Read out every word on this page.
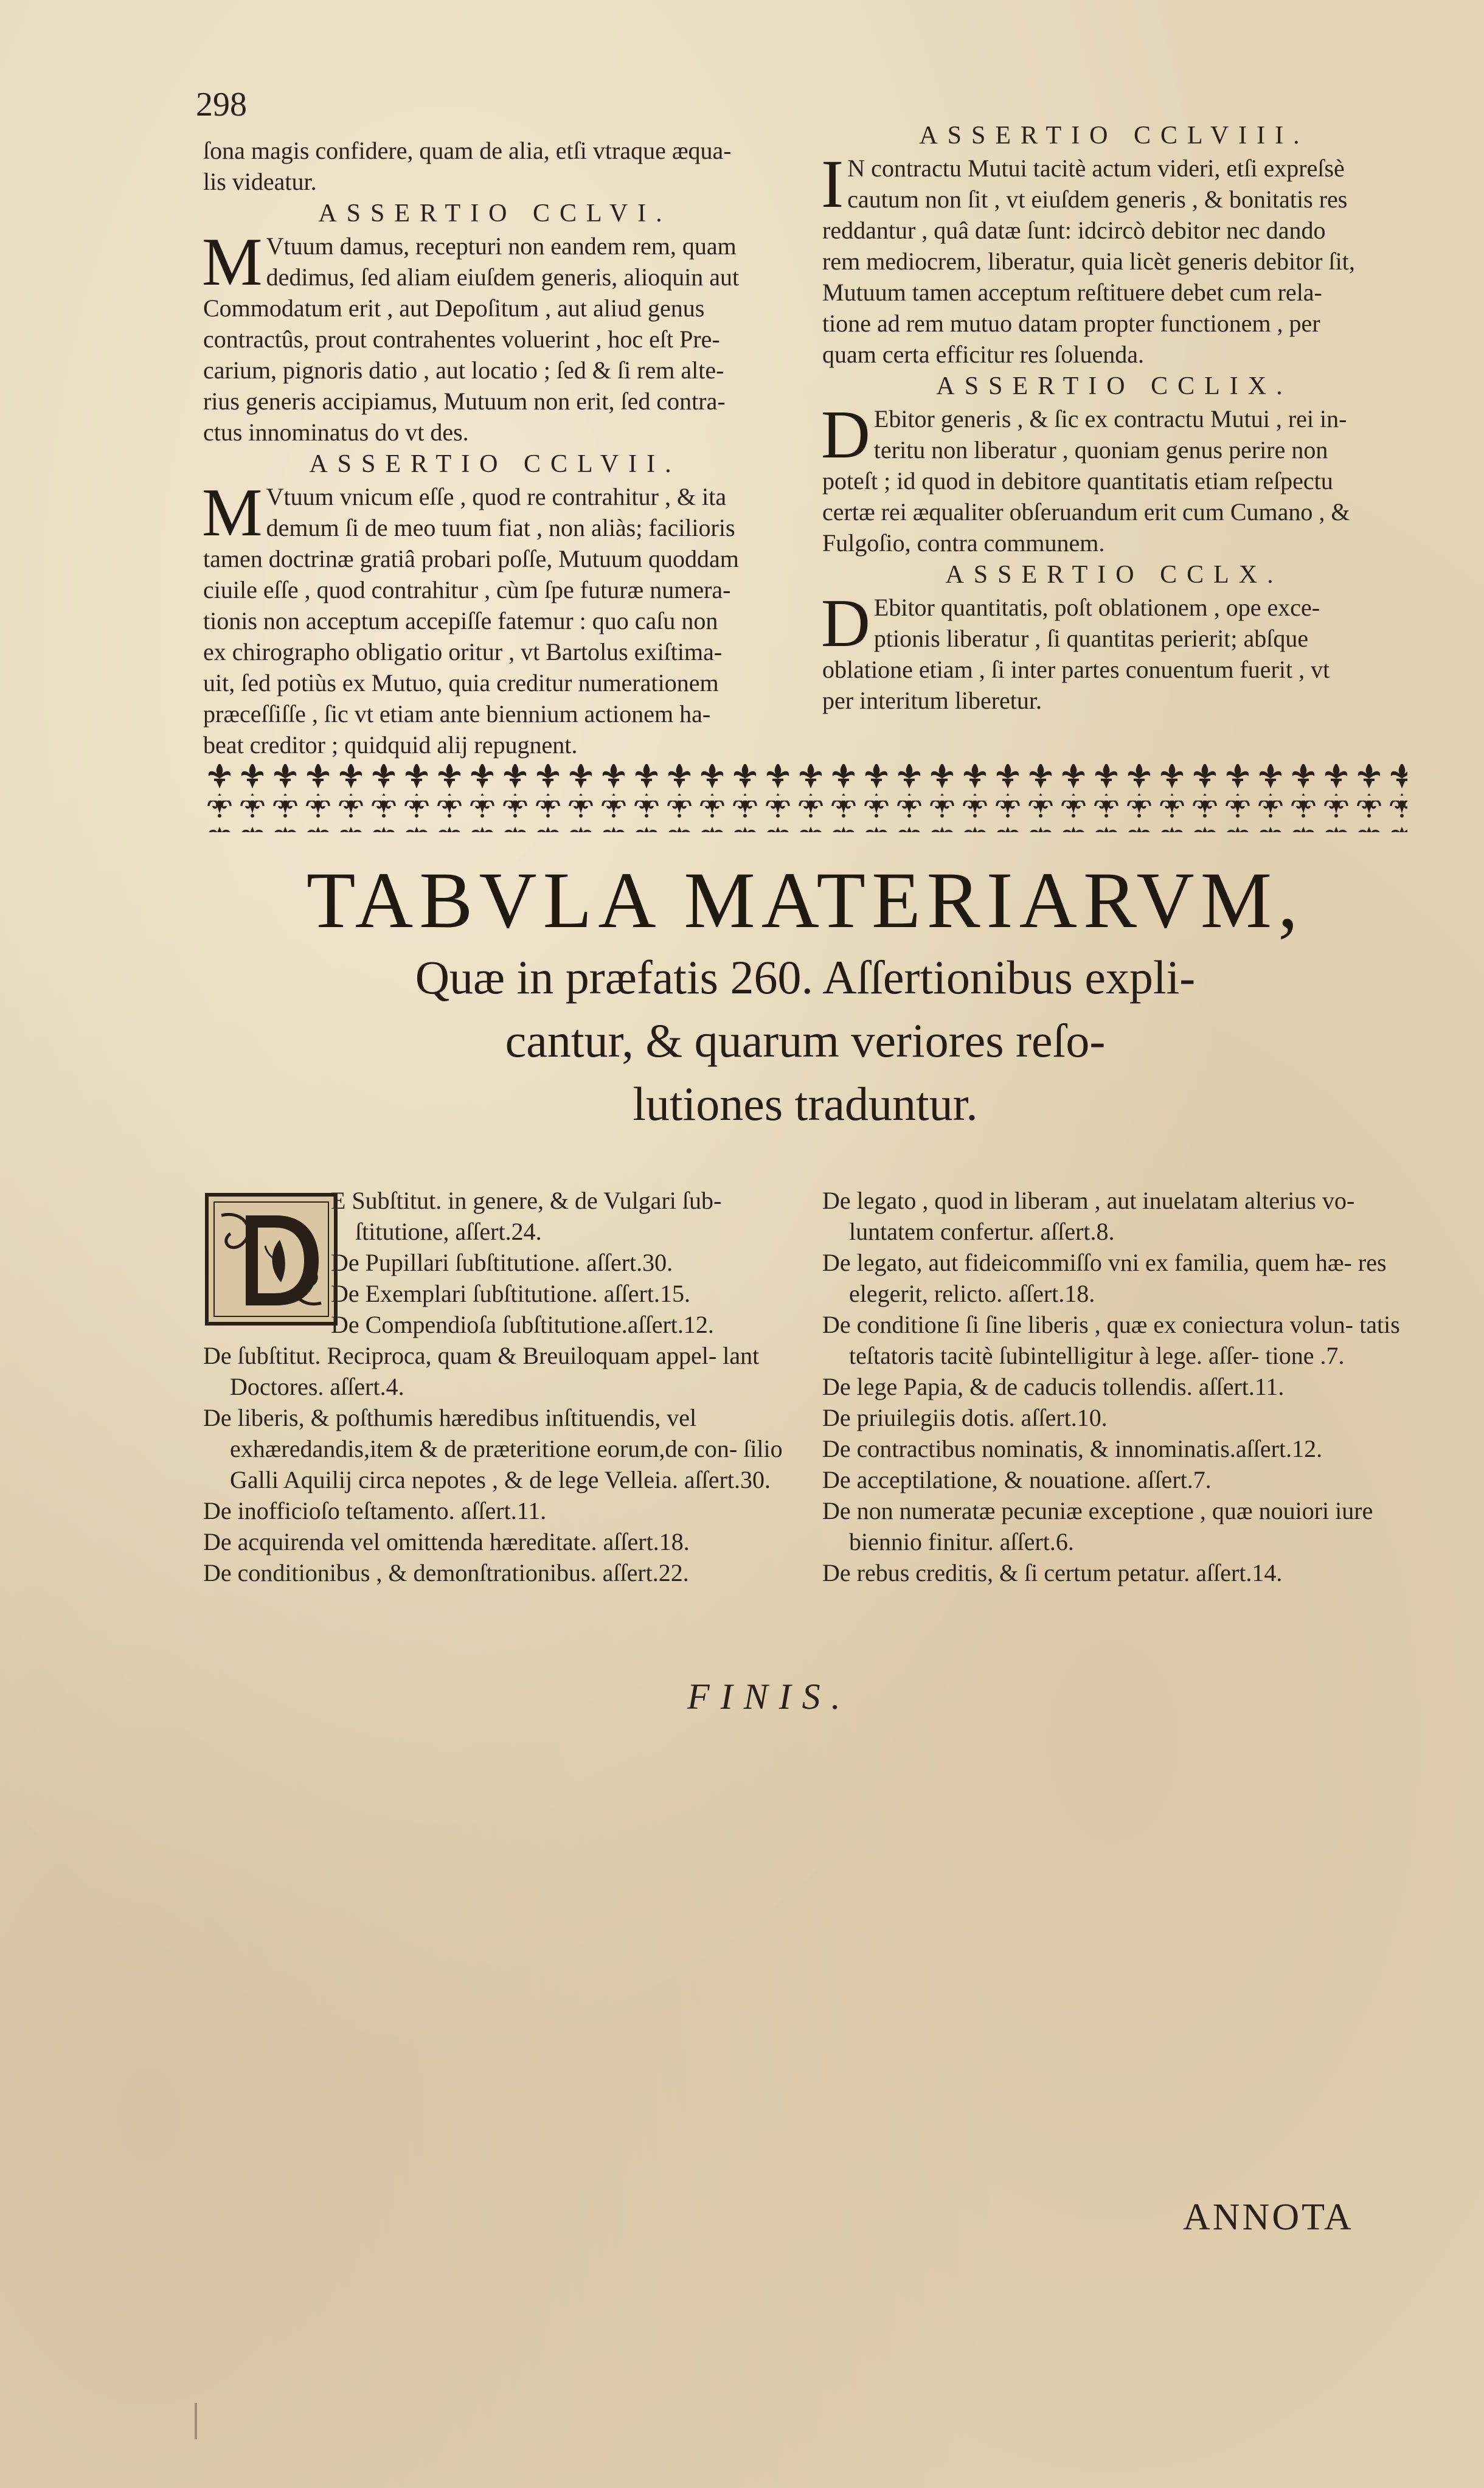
298
ſona magis confidere, quam de alia, etſi vtraque æqua-
lis videatur.
ASSERTIO CCLVI.
M Vtuum damus, recepturi non eandem rem, quam
dedimus, ſed aliam eiuſdem generis, alioquin aut
Commodatum erit , aut Depoſitum , aut aliud genus
contractûs, prout contrahentes voluerint , hoc eſt Pre-
carium, pignoris datio , aut locatio ; ſed & ſi rem alte-
rius generis accipiamus, Mutuum non erit, ſed contra-
ctus innominatus do vt des.
ASSERTIO CCLVII.
M Vtuum vnicum eſſe , quod re contrahitur , & ita
demum ſi de meo tuum fiat , non aliàs; facilioris
tamen doctrinæ gratiâ probari poſſe, Mutuum quoddam
ciuile eſſe , quod contrahitur , cùm ſpe futuræ numera-
tionis non acceptum accepiſſe fatemur : quo caſu non
ex chirographo obligatio oritur , vt Bartolus exiſtima-
uit, ſed potiùs ex Mutuo, quia creditur numerationem
præceſſiſſe , ſic vt etiam ante biennium actionem ha-
beat creditor ; quidquid alij repugnent.
ASSERTIO CCLVIII.
I N contractu Mutui tacitè actum videri, etſi expreſsè
cautum non ſit , vt eiuſdem generis , & bonitatis res
reddantur , quâ datæ ſunt: idcircò debitor nec dando
rem mediocrem, liberatur, quia licèt generis debitor ſit,
Mutuum tamen acceptum reſtituere debet cum rela-
tione ad rem mutuo datam propter functionem , per
quam certa efficitur res ſoluenda.
ASSERTIO CCLIX.
D Ebitor generis , & ſic ex contractu Mutui , rei in-
teritu non liberatur , quoniam genus perire non
poteſt ; id quod in debitore quantitatis etiam reſpectu
certæ rei æqualiter obſeruandum erit cum Cumano , &
Fulgoſio, contra communem.
ASSERTIO CCLX.
D Ebitor quantitatis, poſt oblationem , ope exce-
ptionis liberatur , ſi quantitas perierit; abſque
oblatione etiam , ſi inter partes conuentum fuerit , vt
per interitum liberetur.
TABVLA MATERIARVM,
Quæ in præfatis 260. Aſſertionibus expli-
cantur, & quarum veriores reſo-
lutiones traduntur.
E Subſtitut. in genere, & de Vulgari ſub-
ſtitutione, aſſert.24.
De Pupillari ſubſtitutione. aſſert.30.
De Exemplari ſubſtitutione. aſſert.15.
De Compendioſa ſubſtitutione.aſſert.12.
De ſubſtitut. Reciproca, quam & Breuiloquam appel- lant Doctores. aſſert.4.
De liberis, & poſthumis hæredibus inſtituendis, vel exhæredandis,item & de præteritione eorum,de con- ſilio Galli Aquilij circa nepotes , & de lege Velleia. aſſert.30.
De inofficioſo teſtamento. aſſert.11.
De acquirenda vel omittenda hæreditate. aſſert.18.
De conditionibus , & demonſtrationibus. aſſert.22.
De legato , quod in liberam , aut inuelatam alterius vo- luntatem confertur. aſſert.8.
De legato, aut fideicommiſſo vni ex familia, quem hæ- res elegerit, relicto. aſſert.18.
De conditione ſi ſine liberis , quæ ex coniectura volun- tatis teſtatoris tacitè ſubintelligitur à lege. aſſer- tione .7.
De lege Papia, & de caducis tollendis. aſſert.11.
De priuilegiis dotis. aſſert.10.
De contractibus nominatis, & innominatis.aſſert.12.
De acceptilatione, & nouatione. aſſert.7.
De non numeratæ pecuniæ exceptione , quæ nouiori iure biennio finitur. aſſert.6.
De rebus creditis, & ſi certum petatur. aſſert.14.
FINIS.
ANNOTA
